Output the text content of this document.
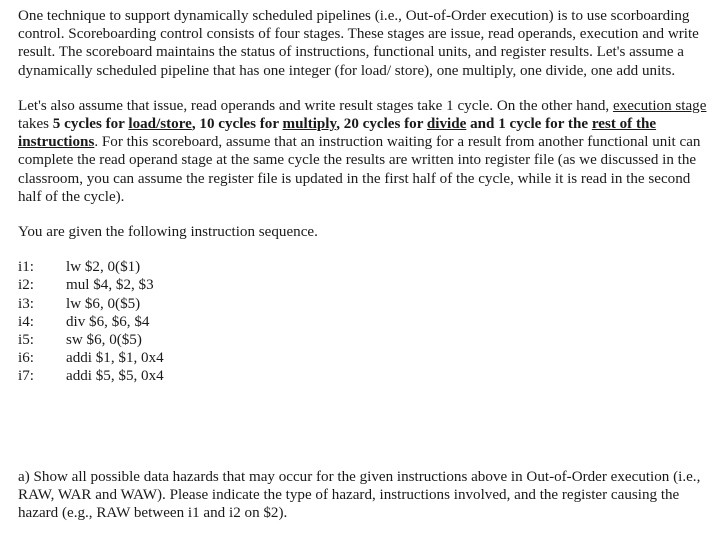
One technique to support dynamically scheduled pipelines (i.e., Out-of-Order execution) is to use scorboarding control. Scoreboarding control consists of four stages. These stages are issue, read operands, execution and write result. The scoreboard maintains the status of instructions, functional units, and register results. Let's assume a dynamically scheduled pipeline that has one integer (for load/ store), one multiply, one divide, one add units.

Let's also assume that issue, read operands and write result stages take 1 cycle. On the other hand, execution stage takes 5 cycles for load/store, 10 cycles for multiply, 20 cycles for divide and 1 cycle for the rest of the instructions. For this scoreboard, assume that an instruction waiting for a result from another functional unit can complete the read operand stage at the same cycle the results are written into register file (as we discussed in the classroom, you can assume the register file is updated in the first half of the cycle, while it is read in the second half of the cycle).

You are given the following instruction sequence.

i1:	lw $2, 0($1)
i2:	mul $4, $2, $3
i3:	lw $6, 0($5)
i4:	div $6, $6, $4
i5:	sw $6, 0($5)
i6:	addi $1, $1, 0x4
i7:	addi $5, $5, 0x4

a) Show all possible data hazards that may occur for the given instructions above in Out-of-Order execution (i.e., RAW, WAR and WAW). Please indicate the type of hazard, instructions involved, and the register causing the hazard (e.g., RAW between i1 and i2 on $2).
